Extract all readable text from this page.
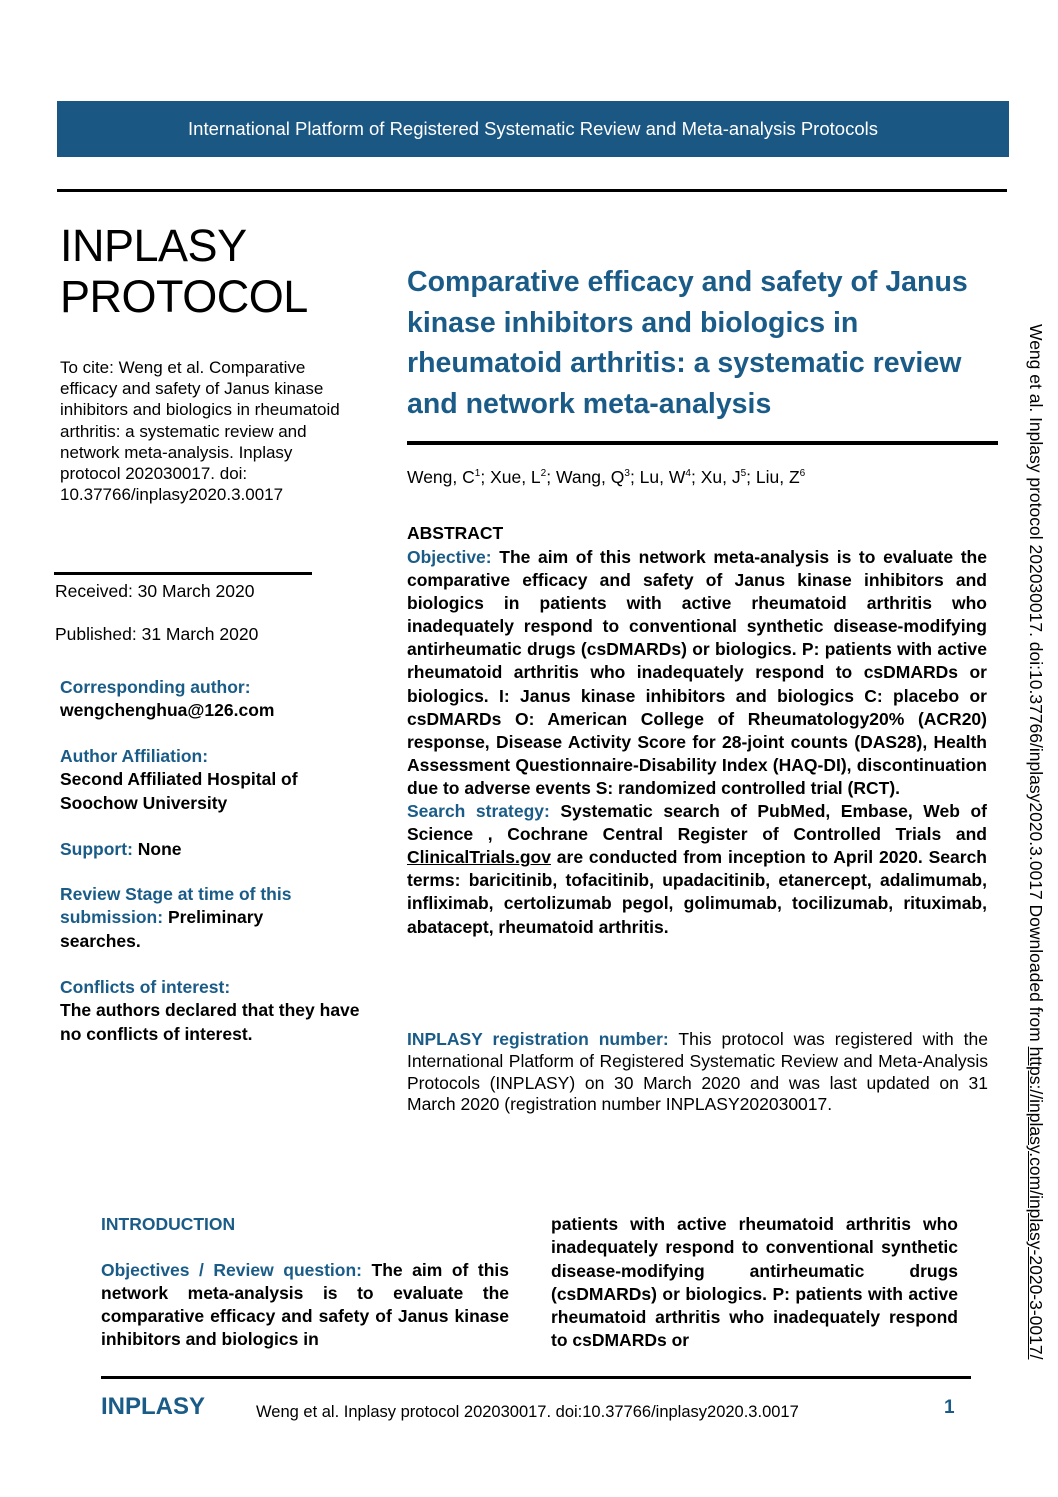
International Platform of Registered Systematic Review and Meta-analysis Protocols
INPLASY
PROTOCOL
To cite: Weng et al. Comparative efficacy and safety of Janus kinase inhibitors and biologics in rheumatoid arthritis: a systematic review and network meta-analysis. Inplasy protocol 202030017. doi: 10.37766/inplasy2020.3.0017
Received: 30 March 2020
Published: 31 March 2020
Corresponding author:
wengchenghua@126.com
Author Affiliation:
Second Affiliated Hospital of Soochow University
Support: None
Review Stage at time of this submission: Preliminary searches.
Conflicts of interest:
The authors declared that they have no conflicts of interest.
Comparative efficacy and safety of Janus kinase inhibitors and biologics in rheumatoid arthritis: a systematic review and network meta-analysis
Weng, $C^1$; Xue, $L^2$; Wang, $Q^3$; Lu, $W^4$; Xu, $J^5$; Liu, $Z^6$
ABSTRACT
Objective: The aim of this network meta-analysis is to evaluate the comparative efficacy and safety of Janus kinase inhibitors and biologics in patients with active rheumatoid arthritis who inadequately respond to conventional synthetic disease-modifying antirheumatic drugs (csDMARDs) or biologics. P: patients with active rheumatoid arthritis who inadequately respond to csDMARDs or biologics. I: Janus kinase inhibitors and biologics C: placebo or csDMARDs O: American College of Rheumatology20% (ACR20) response, Disease Activity Score for 28-joint counts (DAS28), Health Assessment Questionnaire-Disability Index (HAQ-DI), discontinuation due to adverse events S: randomized controlled trial (RCT).
Search strategy: Systematic search of PubMed, Embase, Web of Science , Cochrane Central Register of Controlled Trials and ClinicalTrials.gov are conducted from inception to April 2020. Search terms: baricitinib, tofacitinib, upadacitinib, etanercept, adalimumab, infliximab, certolizumab pegol, golimumab, tocilizumab, rituximab, abatacept, rheumatoid arthritis.
INPLASY registration number: This protocol was registered with the International Platform of Registered Systematic Review and Meta-Analysis Protocols (INPLASY) on 30 March 2020 and was last updated on 31 March 2020 (registration number INPLASY202030017.
INTRODUCTION
Objectives / Review question: The aim of this network meta-analysis is to evaluate the comparative efficacy and safety of Janus kinase inhibitors and biologics in
patients with active rheumatoid arthritis who inadequately respond to conventional synthetic disease-modifying antirheumatic drugs (csDMARDs) or biologics. P: patients with active rheumatoid arthritis who inadequately respond to csDMARDs or
INPLASY	Weng et al. Inplasy protocol 202030017. doi:10.37766/inplasy2020.3.0017	1
Weng et al. Inplasy protocol 202030017. doi:10.37766/inplasy2020.3.0017 Downloaded from https://inplasy.com/inplasy-2020-3-0017/
